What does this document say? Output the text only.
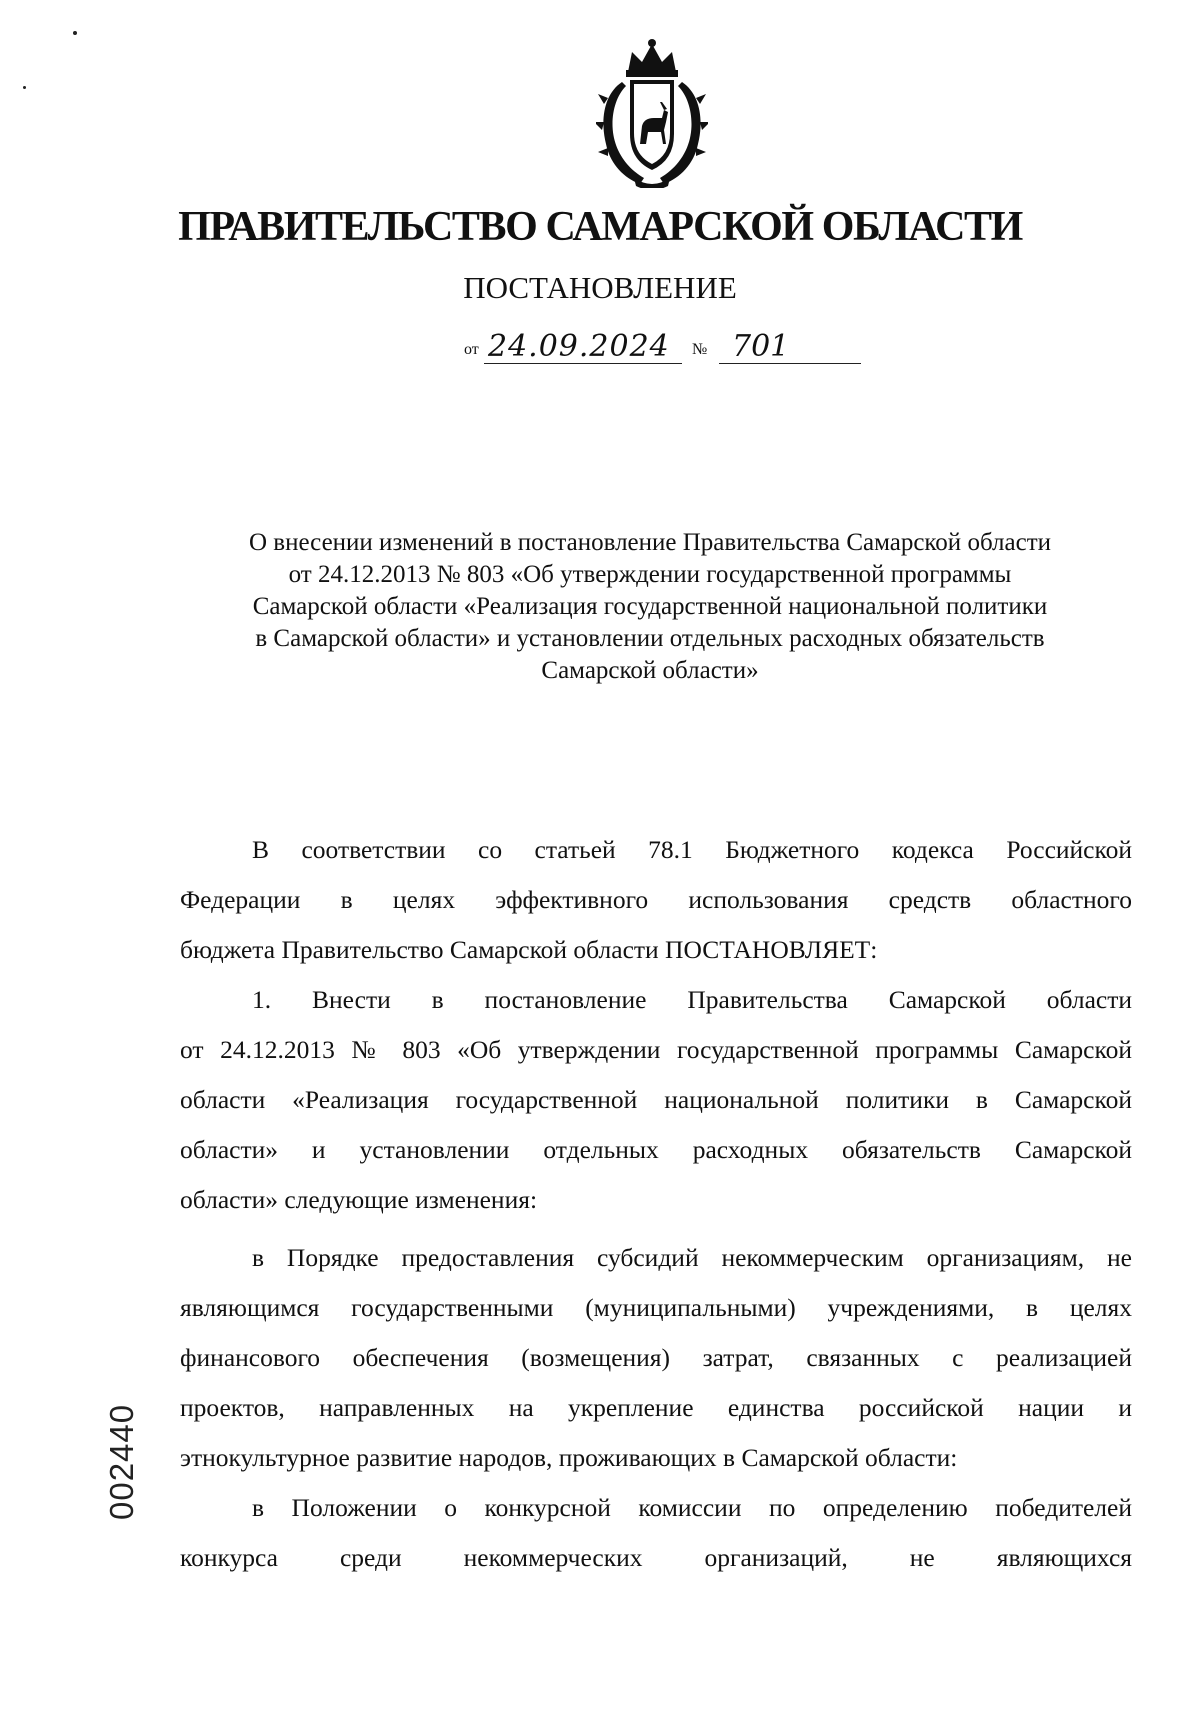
ПРАВИТЕЛЬСТВО САМАРСКОЙ ОБЛАСТИ
ПОСТАНОВЛЕНИЕ
от 24.09.2024	№ 701
О внесении изменений в постановление Правительства Самарской области
от 24.12.2013 № 803 «Об утверждении государственной программы
Самарской области «Реализация государственной национальной политики
в Самарской области» и установлении отдельных расходных обязательств
Самарской области»
В соответствии со статьей 78.1 Бюджетного кодекса Российской
Федерации в целях эффективного использования средств областного
бюджета Правительство Самарской области ПОСТАНОВЛЯЕТ:
1. Внести в постановление Правительства Самарской области
от 24.12.2013 № 803 «Об утверждении государственной программы Самарской
области «Реализация государственной национальной политики в Самарской
области» и установлении отдельных расходных обязательств Самарской
области» следующие изменения:
в Порядке предоставления субсидий некоммерческим организациям, не
являющимся государственными (муниципальными) учреждениями, в целях
финансового обеспечения (возмещения) затрат, связанных с реализацией
проектов, направленных на укрепление единства российской нации и
этнокультурное развитие народов, проживающих в Самарской области:
в Положении о конкурсной комиссии по определению победителей
конкурса среди некоммерческих организаций, не являющихся
002440
